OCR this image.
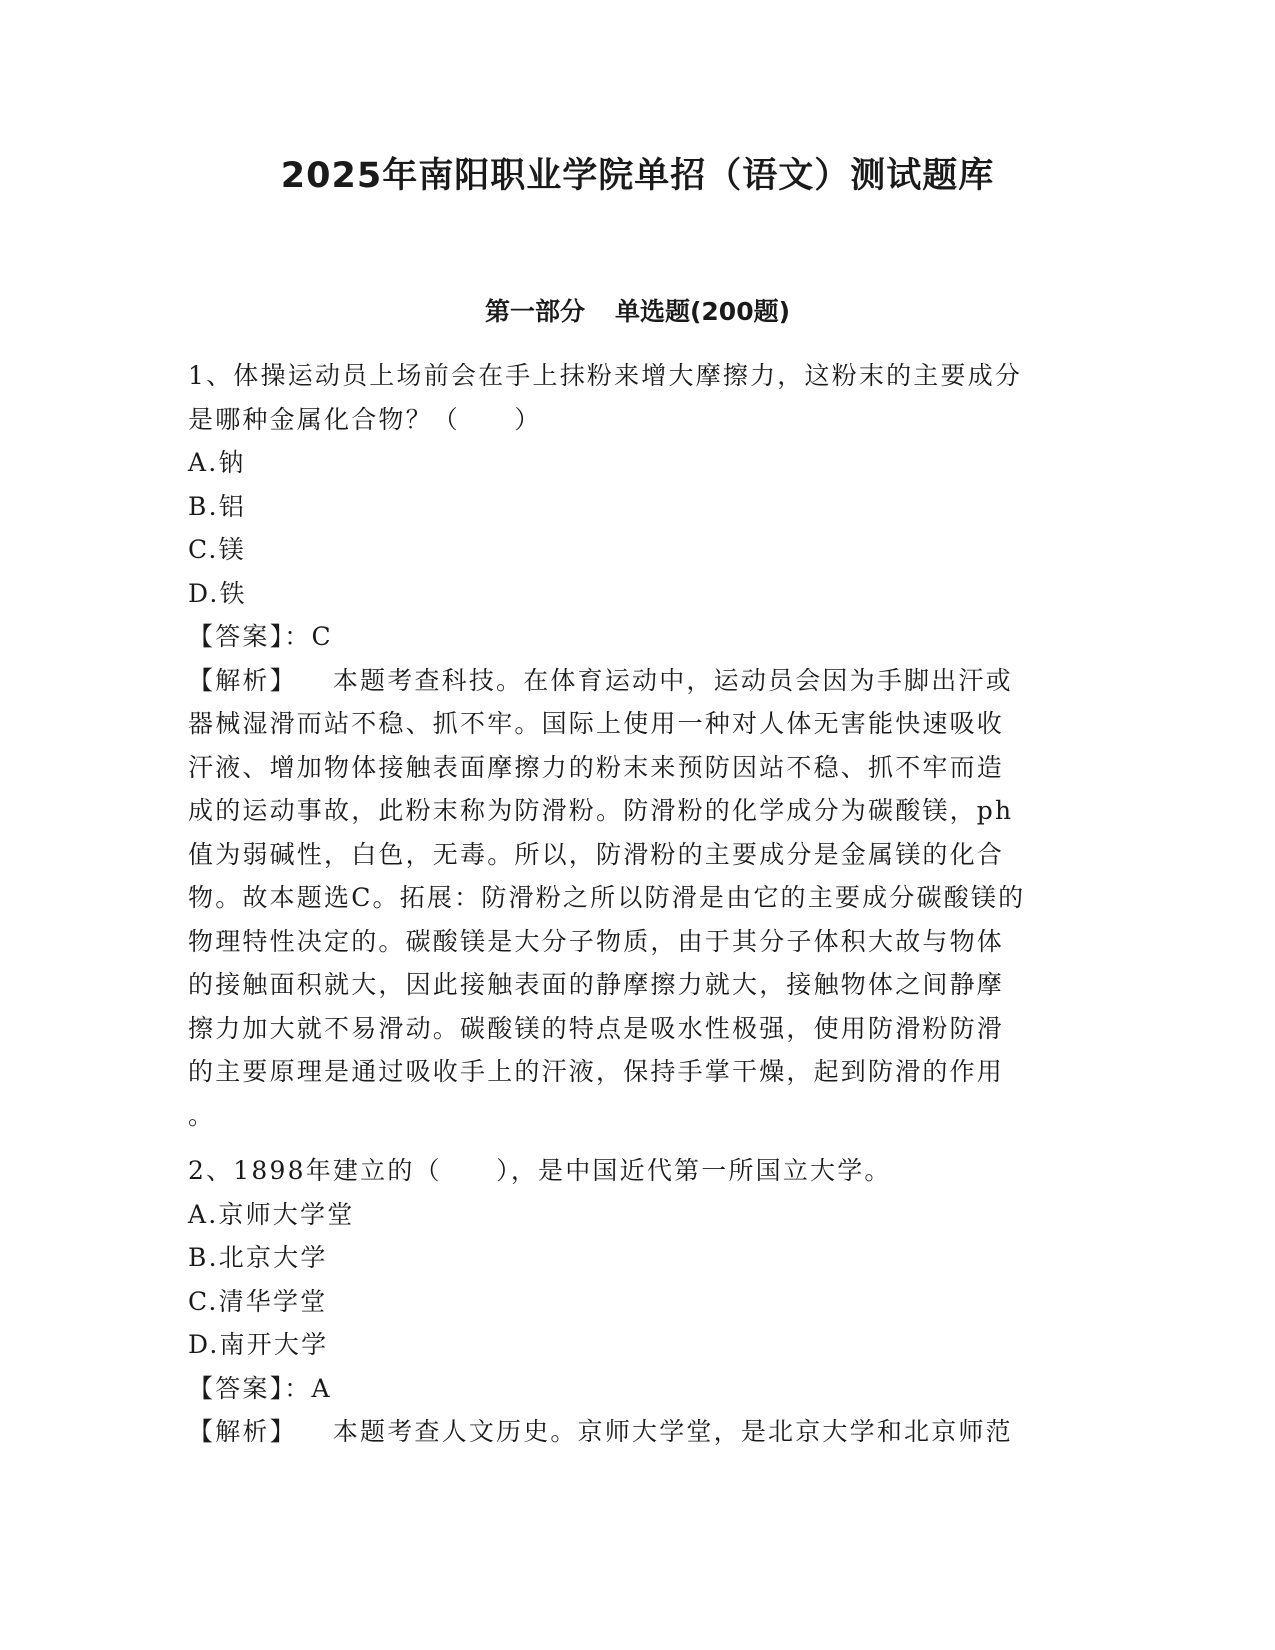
2025年南阳职业学院单招（语文）测试题库
第一部分 单选题(200题)
1、体操运动员上场前会在手上抹粉来增大摩擦力，这粉末的主要成分
是哪种金属化合物？（　　）
A.钠
B.铝
C.镁
D.铁
【答案】：C
【解析】 本题考查科技。在体育运动中，运动员会因为手脚出汗或
器械湿滑而站不稳、抓不牢。国际上使用一种对人体无害能快速吸收
汗液、增加物体接触表面摩擦力的粉末来预防因站不稳、抓不牢而造
成的运动事故，此粉末称为防滑粉。防滑粉的化学成分为碳酸镁，ph
值为弱碱性，白色，无毒。所以，防滑粉的主要成分是金属镁的化合
物。故本题选C。拓展：防滑粉之所以防滑是由它的主要成分碳酸镁的
物理特性决定的。碳酸镁是大分子物质，由于其分子体积大故与物体
的接触面积就大，因此接触表面的静摩擦力就大，接触物体之间静摩
擦力加大就不易滑动。碳酸镁的特点是吸水性极强，使用防滑粉防滑
的主要原理是通过吸收手上的汗液，保持手掌干燥，起到防滑的作用
。
2、1898年建立的（　　），是中国近代第一所国立大学。
A.京师大学堂
B.北京大学
C.清华学堂
D.南开大学
【答案】：A
【解析】 本题考查人文历史。京师大学堂，是北京大学和北京师范
